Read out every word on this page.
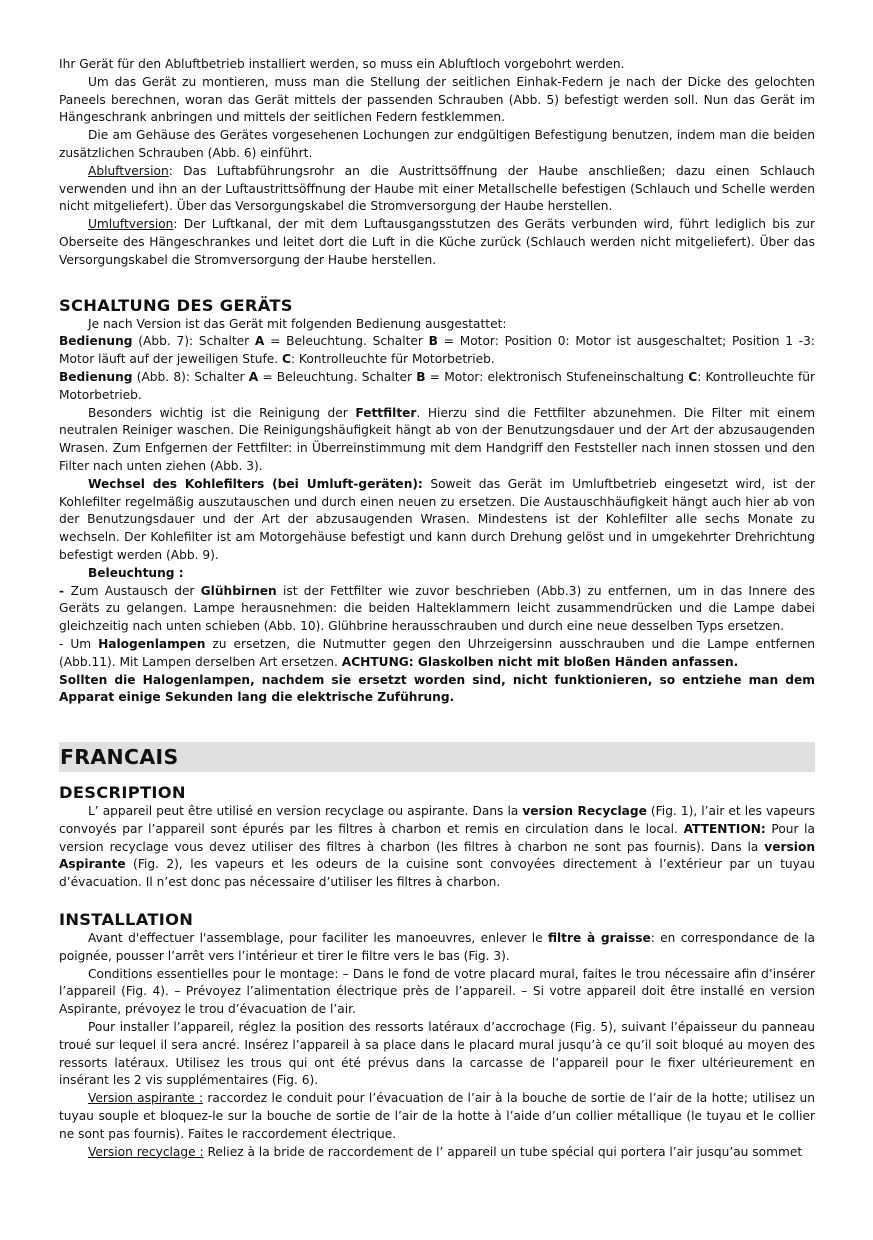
Ihr Gerät für den Abluftbetrieb installiert werden, so muss ein Abluftloch vorgebohrt werden.

Um das Gerät zu montieren, muss man die Stellung der seitlichen Einhak-Federn je nach der Dicke des gelochten Paneels berechnen, woran das Gerät mittels der passenden Schrauben (Abb. 5) befestigt werden soll. Nun das Gerät im Hängeschrank anbringen und mittels der seitlichen Federn festklemmen.

Die am Gehäuse des Gerätes vorgesehenen Lochungen zur endgültigen Befestigung benutzen, indem man die beiden zusätzlichen Schrauben (Abb. 6) einführt.

Abluftversion: Das Luftabführungsrohr an die Austrittsöffnung der Haube anschließen; dazu einen Schlauch verwenden und ihn an der Luftaustrittsöffnung der Haube mit einer Metallschelle befestigen (Schlauch und Schelle werden nicht mitgeliefert). Über das Versorgungskabel die Stromversorgung der Haube herstellen.

Umluftversion: Der Luftkanal, der mit dem Luftausgangsstutzen des Geräts verbunden wird, führt lediglich bis zur Oberseite des Hängeschrankes und leitet dort die Luft in die Küche zurück (Schlauch werden nicht mitgeliefert). Über das Versorgungskabel die Stromversorgung der Haube herstellen.

SCHALTUNG DES GERÄTS

Je nach Version ist das Gerät mit folgenden Bedienung ausgestattet:

Bedienung (Abb. 7): Schalter A = Beleuchtung. Schalter B = Motor: Position 0: Motor ist ausgeschaltet; Position 1 -3: Motor läuft auf der jeweiligen Stufe. C: Kontrolleuchte für Motorbetrieb.

Bedienung (Abb. 8): Schalter A = Beleuchtung. Schalter B = Motor: elektronisch Stufeneinschaltung C: Kontrolleuchte für Motorbetrieb.

Besonders wichtig ist die Reinigung der Fettfilter. Hierzu sind die Fettfilter abzunehmen. Die Filter mit einem neutralen Reiniger waschen. Die Reinigungshäufigkeit hängt ab von der Benutzungsdauer und der Art der abzusaugenden Wrasen. Zum Enfgernen der Fettfilter: in Überreinstimmung mit dem Handgriff den Feststeller nach innen stossen und den Filter nach unten ziehen (Abb. 3).

Wechsel des Kohlefilters (bei Umluft-geräten): Soweit das Gerät im Umluftbetrieb eingesetzt wird, ist der Kohlefilter regelmäßig auszutauschen und durch einen neuen zu ersetzen. Die Austauschhäufigkeit hängt auch hier ab von der Benutzungsdauer und der Art der abzusaugenden Wrasen. Mindestens ist der Kohlefilter alle sechs Monate zu wechseln. Der Kohlefilter ist am Motorgehäuse befestigt und kann durch Drehung gelöst und in umgekehrter Drehrichtung befestigt werden (Abb. 9).

Beleuchtung :

- Zum Austausch der Glühbirnen ist der Fettfilter wie zuvor beschrieben (Abb.3) zu entfernen, um in das Innere des Geräts zu gelangen. Lampe herausnehmen: die beiden Halteklammern leicht zusammendrücken und die Lampe dabei gleichzeitig nach unten schieben (Abb. 10). Glühbrine herausschrauben und durch eine neue desselben Typs ersetzen.

- Um Halogenlampen zu ersetzen, die Nutmutter gegen den Uhrzeigersinn ausschrauben und die Lampe entfernen (Abb.11). Mit Lampen derselben Art ersetzen. ACHTUNG: Glaskolben nicht mit bloßen Händen anfassen.

Sollten die Halogenlampen, nachdem sie ersetzt worden sind, nicht funktionieren, so entziehe man dem Apparat einige Sekunden lang die elektrische Zuführung.

FRANCAIS
DESCRIPTION

L’ appareil peut être utilisé en version recyclage ou aspirante. Dans la version Recyclage (Fig. 1), l’air et les vapeurs convoyés par l’appareil sont épurés par les filtres à charbon et remis en circulation dans le local. ATTENTION: Pour la version recyclage vous devez utiliser des filtres à charbon (les filtres à charbon ne sont pas fournis). Dans la version Aspirante (Fig. 2), les vapeurs et les odeurs de la cuisine sont convoyées directement à l’extérieur par un tuyau d’évacuation. Il n’est donc pas nécessaire d’utiliser les filtres à charbon.

INSTALLATION

Avant d'effectuer l'assemblage, pour faciliter les manoeuvres, enlever le filtre à graisse: en correspondance de la poignée, pousser l’arrêt vers l’intérieur et tirer le filtre vers le bas (Fig. 3).

Conditions essentielles pour le montage: – Dans le fond de votre placard mural, faites le trou nécessaire afin d’insérer l’appareil (Fig. 4). – Prévoyez l’alimentation électrique près de l’appareil. – Si votre appareil doit être installé en version Aspirante, prévoyez le trou d’évacuation de l’air.

Pour installer l’appareil, réglez la position des ressorts latéraux d’accrochage (Fig. 5), suivant l’épaisseur du panneau troué sur lequel il sera ancré. Insérez l’appareil à sa place dans le placard mural jusqu’à ce qu’il soit bloqué au moyen des ressorts latéraux. Utilisez les trous qui ont été prévus dans la carcasse de l’appareil pour le fixer ultérieurement en insérant les 2 vis supplémentaires (Fig. 6).

Version aspirante : raccordez le conduit pour l’évacuation de l’air à la bouche de sortie de l’air de la hotte; utilisez un tuyau souple et bloquez-le sur la bouche de sortie de l’air de la hotte à l’aide d’un collier métallique (le tuyau et le collier ne sont pas fournis). Faites le raccordement électrique.

Version recyclage : Reliez à la bride de raccordement de l’ appareil un tube spécial qui portera l’air jusqu’au sommet
